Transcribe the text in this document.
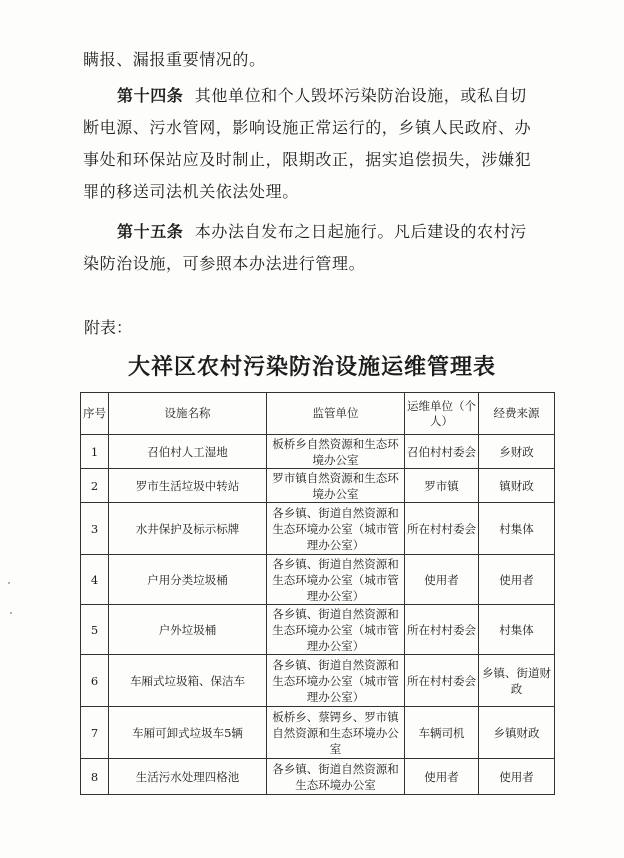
瞒报、漏报重要情况的。

第十四条 其他单位和个人毁坏污染防治设施，或私自切断电源、污水管网，影响设施正常运行的，乡镇人民政府、办事处和环保站应及时制止，限期改正，据实追偿损失，涉嫌犯罪的移送司法机关依法处理。

第十五条 本办法自发布之日起施行。凡后建设的农村污染防治设施，可参照本办法进行管理。

附表：

大祥区农村污染防治设施运维管理表
序号	设施名称	监管单位	运维单位（个人）	经费来源
1	召伯村人工湿地	板桥乡自然资源和生态环境办公室	召伯村村委会	乡财政
2	罗市生活垃圾中转站	罗市镇自然资源和生态环境办公室	罗市镇	镇财政
3	水井保护及标示标牌	各乡镇、街道自然资源和生态环境办公室（城市管理办公室）	所在村村委会	村集体
4	户用分类垃圾桶	各乡镇、街道自然资源和生态环境办公室（城市管理办公室）	使用者	使用者
5	户外垃圾桶	各乡镇、街道自然资源和生态环境办公室（城市管理办公室）	所在村村委会	村集体
6	车厢式垃圾箱、保洁车	各乡镇、街道自然资源和生态环境办公室（城市管理办公室）	所在村村委会	乡镇、街道财政
7	车厢可卸式垃圾车5辆	板桥乡、蔡锷乡、罗市镇自然资源和生态环境办公室	车辆司机	乡镇财政
8	生活污水处理四格池	各乡镇、街道自然资源和生态环境办公室	使用者	使用者
